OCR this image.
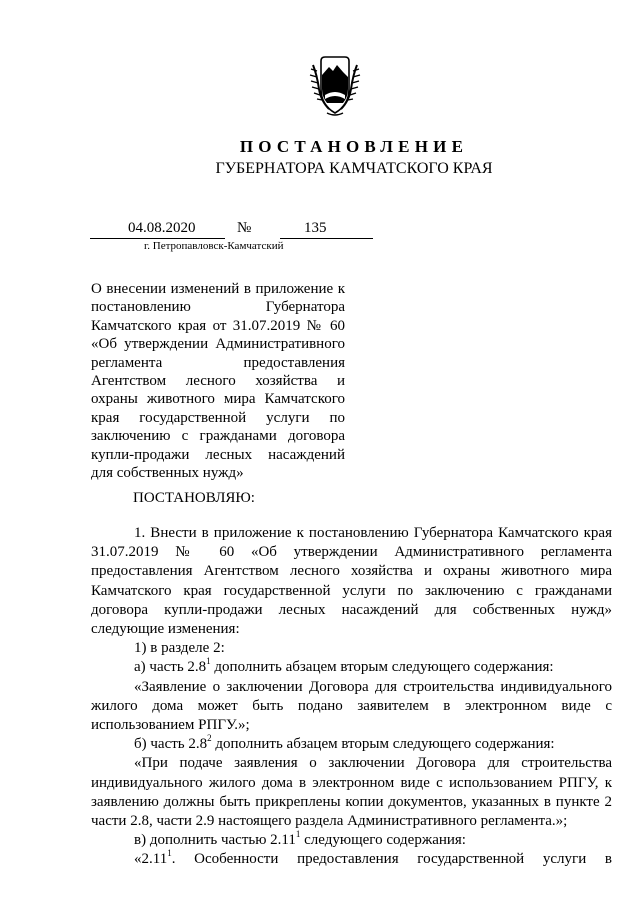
ПОСТАНОВЛЕНИЕ
ГУБЕРНАТОРА КАМЧАТСКОГО КРАЯ
04.08.2020	№	135
г. Петропавловск-Камчатский
О внесении изменений в приложение к
постановлению Губернатора
Камчатского края от 31.07.2019 № 60
«Об утверждении Административного
регламента предоставления
Агентством лесного хозяйства и
охраны животного мира Камчатского
края государственной услуги по
заключению с гражданами договора
купли-продажи лесных насаждений
для собственных нужд»
ПОСТАНОВЛЯЮ:
1. Внести в приложение к постановлению Губернатора Камчатского края
31.07.2019 № 60 «Об утверждении Административного регламента
предоставления Агентством лесного хозяйства и охраны животного мира
Камчатского края государственной услуги по заключению с гражданами
договора купли-продажи лесных насаждений для собственных нужд»
следующие изменения:
1) в разделе 2:
а) часть $2.8^1$ дополнить абзацем вторым следующего содержания:
«Заявление о заключении Договора для строительства индивидуального
жилого дома может быть подано заявителем в электронном виде с
использованием РПГУ.»;
б) часть $2.8^2$ дополнить абзацем вторым следующего содержания:
«При подаче заявления о заключении Договора для строительства
индивидуального жилого дома в электронном виде с использованием РПГУ, к
заявлению должны быть прикреплены копии документов, указанных в пункте 2
части 2.8, части 2.9 настоящего раздела Административного регламента.»;
в) дополнить частью 2.11$^1$ следующего содержания:
«2.11$^1$. Особенности предоставления государственной услуги в
